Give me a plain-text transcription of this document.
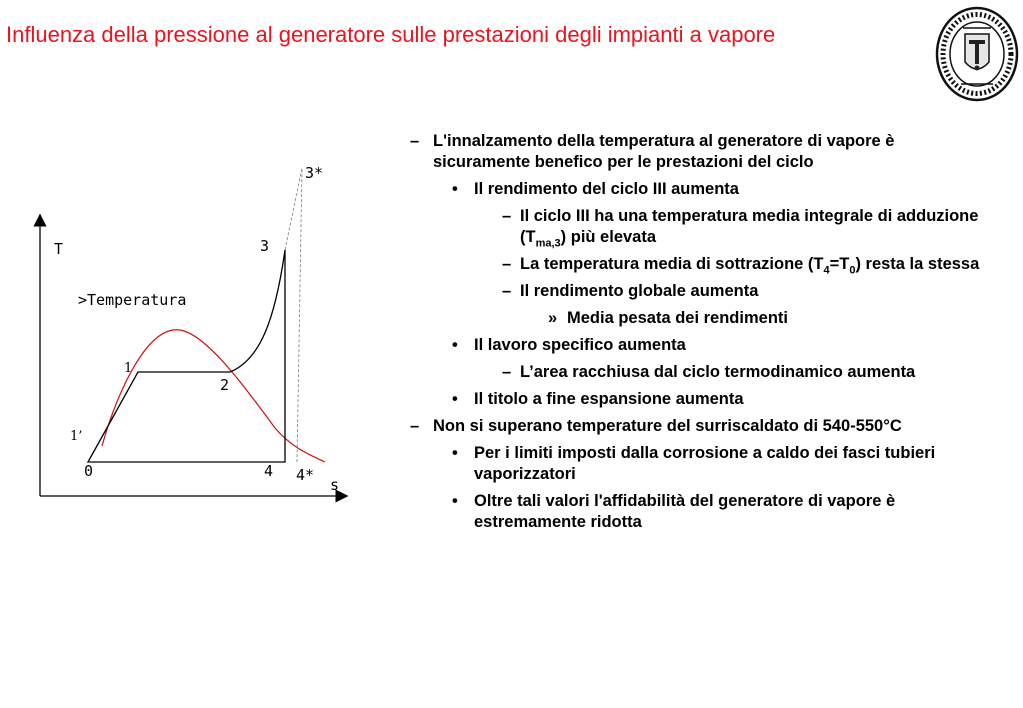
Influenza della pressione al generatore sulle prestazioni degli impianti a vapore
T
s
3*
3
>Temperatura
1
2
1’
0	4 4*
– L'innalzamento della temperatura al generatore di vapore è sicuramente benefico per le prestazioni del ciclo
• Il rendimento del ciclo III aumenta
– Il ciclo III ha una temperatura media integrale di adduzione $(T_{ma,3})$ più elevata
– La temperatura media di sottrazione $(T_4=T_0)$ resta la stessa
– Il rendimento globale aumenta
» Media pesata dei rendimenti
• Il lavoro specifico aumenta
– L’area racchiusa dal ciclo termodinamico aumenta
• Il titolo a fine espansione aumenta
– Non si superano temperature del surriscaldato di 540-550°C
• Per i limiti imposti dalla corrosione a caldo dei fasci tubieri vaporizzatori
• Oltre tali valori l'affidabilità del generatore di vapore è estremamente ridotta
